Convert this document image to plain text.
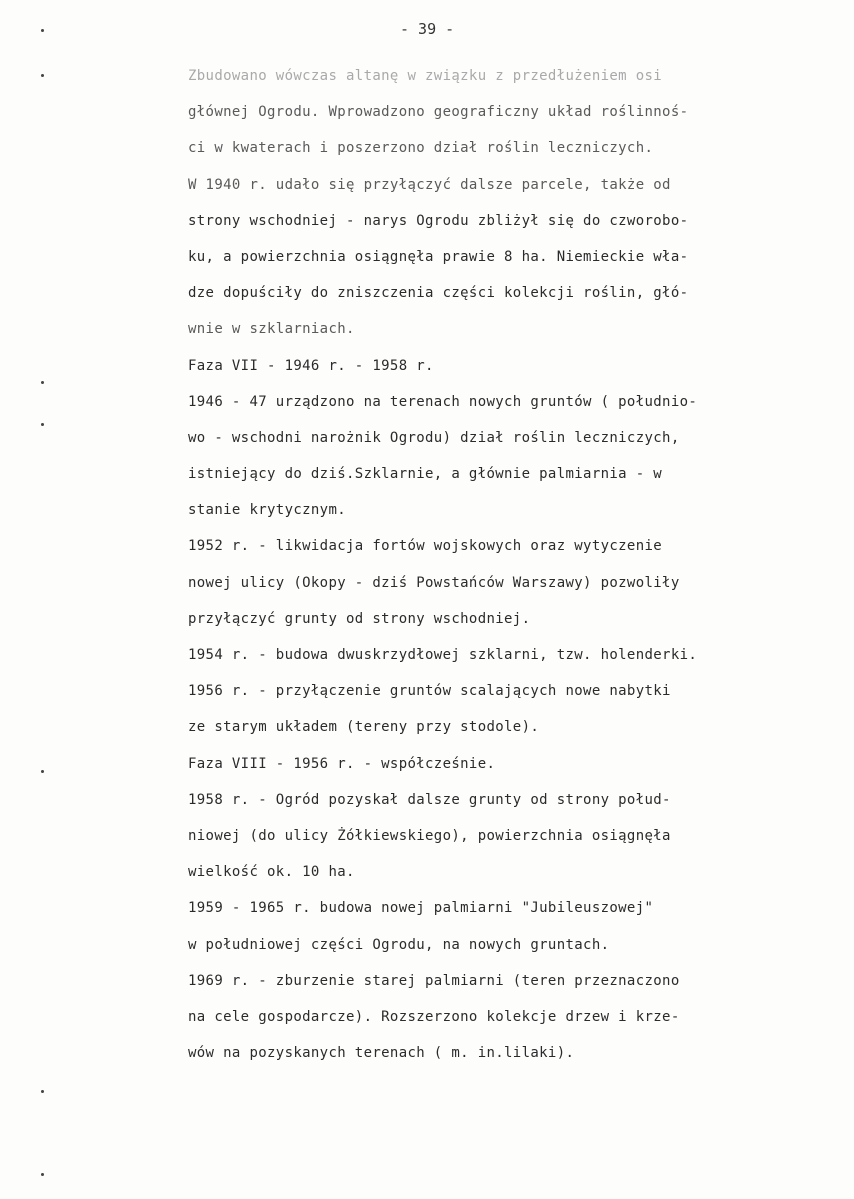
- 39 -
Zbudowano wówczas altanę w związku z przedłużeniem osi
głównej Ogrodu. Wprowadzono geograficzny układ roślinnoś-
ci w kwaterach i poszerzono dział roślin leczniczych.
W 1940 r. udało się przyłączyć dalsze parcele, także od
strony wschodniej - narys Ogrodu zbliżył się do czworobo-
ku, a powierzchnia osiągnęła prawie 8 ha. Niemieckie wła-
dze dopuściły do zniszczenia części kolekcji roślin, głó-
wnie w szklarniach.
Faza VII - 1946 r. - 1958 r.
1946 - 47 urządzono na terenach nowych gruntów ( południo-
wo - wschodni narożnik Ogrodu) dział roślin leczniczych,
istniejący do dziś.Szklarnie, a głównie palmiarnia - w
stanie krytycznym.
1952 r. - likwidacja fortów wojskowych oraz wytyczenie
nowej ulicy (Okopy - dziś Powstańców Warszawy) pozwoliły
przyłączyć grunty od strony wschodniej.
1954 r. - budowa dwuskrzydłowej szklarni, tzw. holenderki.
1956 r. - przyłączenie gruntów scalających nowe nabytki
ze starym układem (tereny przy stodole).
Faza VIII - 1956 r. - współcześnie.
1958 r. - Ogród pozyskał dalsze grunty od strony połud-
niowej (do ulicy Żółkiewskiego), powierzchnia osiągnęła
wielkość ok. 10 ha.
1959 - 1965 r. budowa nowej palmiarni "Jubileuszowej"
w południowej części Ogrodu, na nowych gruntach.
1969 r. - zburzenie starej palmiarni (teren przeznaczono
na cele gospodarcze). Rozszerzono kolekcje drzew i krze-
wów na pozyskanych terenach ( m. in.lilaki).
